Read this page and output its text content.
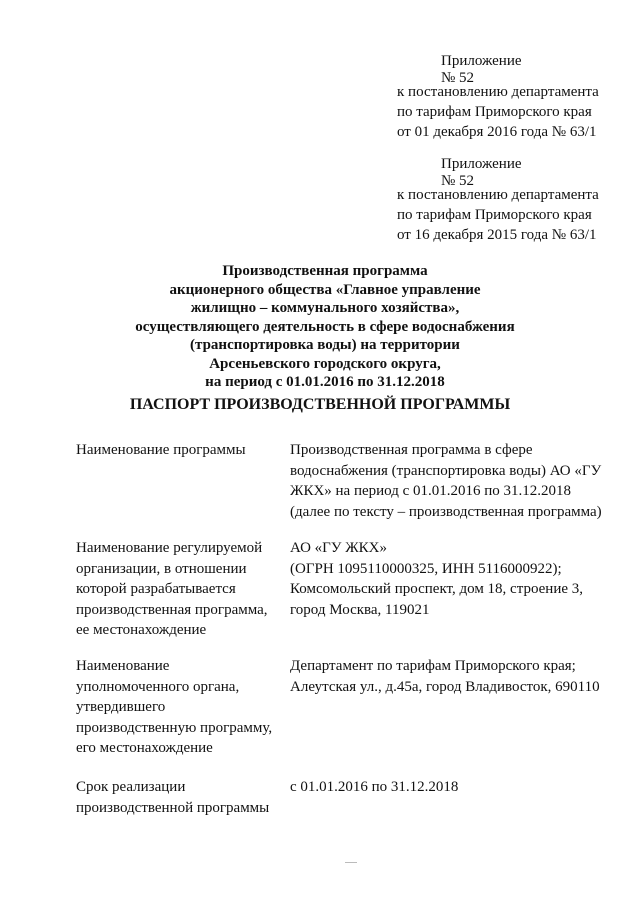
Приложение № 52
к постановлению департамента
по тарифам Приморского края
от 01 декабря 2016 года № 63/1
Приложение № 52
к постановлению департамента
по тарифам Приморского края
от 16 декабря 2015 года № 63/1
Производственная программа
акционерного общества «Главное управление
жилищно – коммунального хозяйства»,
осуществляющего деятельность в сфере водоснабжения
(транспортировка воды) на территории
Арсеньевского городского округа,
на период с 01.01.2016 по 31.12.2018
ПАСПОРТ ПРОИЗВОДСТВЕННОЙ ПРОГРАММЫ
Наименование программы	Производственная программа в сфере
водоснабжения (транспортировка воды) АО «ГУ
ЖКХ» на период с 01.01.2016 по 31.12.2018
(далее по тексту – производственная программа)
Наименование регулируемой
организации, в отношении
которой разрабатывается
производственная программа,
ее местонахождение
АО «ГУ ЖКХ»
(ОГРН 1095110000325, ИНН 5116000922);
Комсомольский проспект, дом 18, строение 3,
город Москва, 119021
Наименование
уполномоченного органа,
утвердившего
производственную программу,
его местонахождение
Департамент по тарифам Приморского края;
Алеутская ул., д.45а, город Владивосток, 690110
Срок реализации
производственной программы
с 01.01.2016 по 31.12.2018
